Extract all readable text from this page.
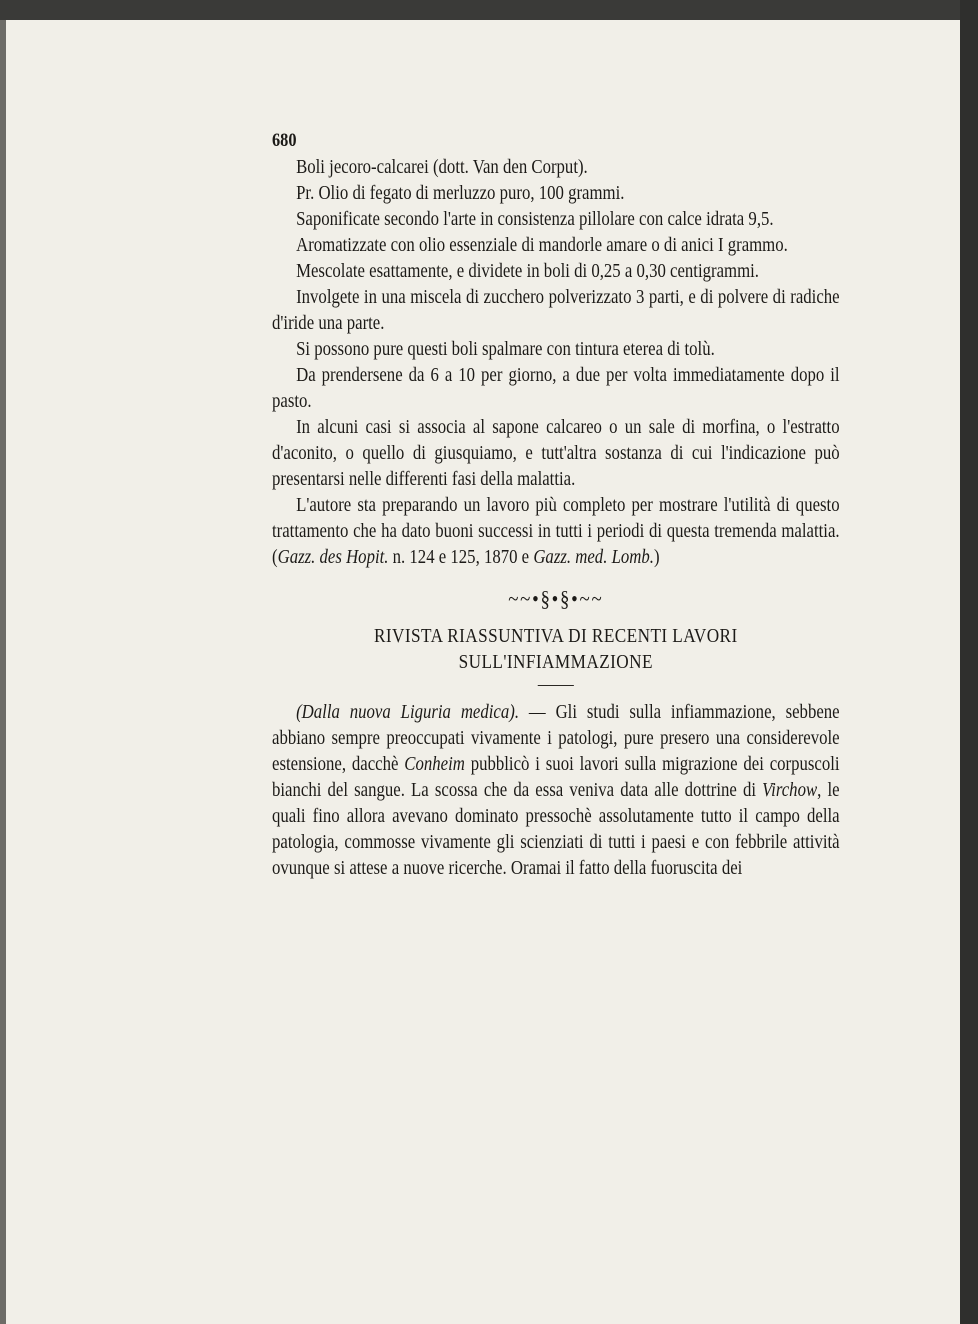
680

Boli jecoro-calcarei (dott. Van den Corput).

Pr. Olio di fegato di merluzzo puro, 100 grammi.

Saponificate secondo l'arte in consistenza pillolare con calce idrata 9,5.

Aromatizzate con olio essenziale di mandorle amare o di anici I grammo.

Mescolate esattamente, e dividete in boli di 0,25 a 0,30 centigrammi.

Involgete in una miscela di zucchero polverizzato 3 parti, e di polvere di radiche d'iride una parte.

Si possono pure questi boli spalmare con tintura eterea di tolù.

Da prendersene da 6 a 10 per giorno, a due per volta immediatamente dopo il pasto.

In alcuni casi si associa al sapone calcareo o un sale di morfina, o l'estratto d'aconito, o quello di giusquiamo, e tutt'altra sostanza di cui l'indicazione può presentarsi nelle differenti fasi della malattia.

L'autore sta preparando un lavoro più completo per mostrare l'utilità di questo trattamento che ha dato buoni successi in tutti i periodi di questa tremenda malattia. (Gazz. des Hopit. n. 124 e 125, 1870 e Gazz. med. Lomb.)

~~•§•§•~~
RIVISTA RIASSUNTIVA DI RECENTI LAVORI
SULL'INFIAMMAZIONE

(Dalla nuova Liguria medica). — Gli studi sulla infiammazione, sebbene abbiano sempre preoccupati vivamente i patologi, pure presero una considerevole estensione, dacchè Conheim pubblicò i suoi lavori sulla migrazione dei corpuscoli bianchi del sangue. La scossa che da essa veniva data alle dottrine di Virchow, le quali fino allora avevano dominato pressochè assolutamente tutto il campo della patologia, commosse vivamente gli scienziati di tutti i paesi e con febbrile attività ovunque si attese a nuove ricerche. Oramai il fatto della fuoruscita dei
